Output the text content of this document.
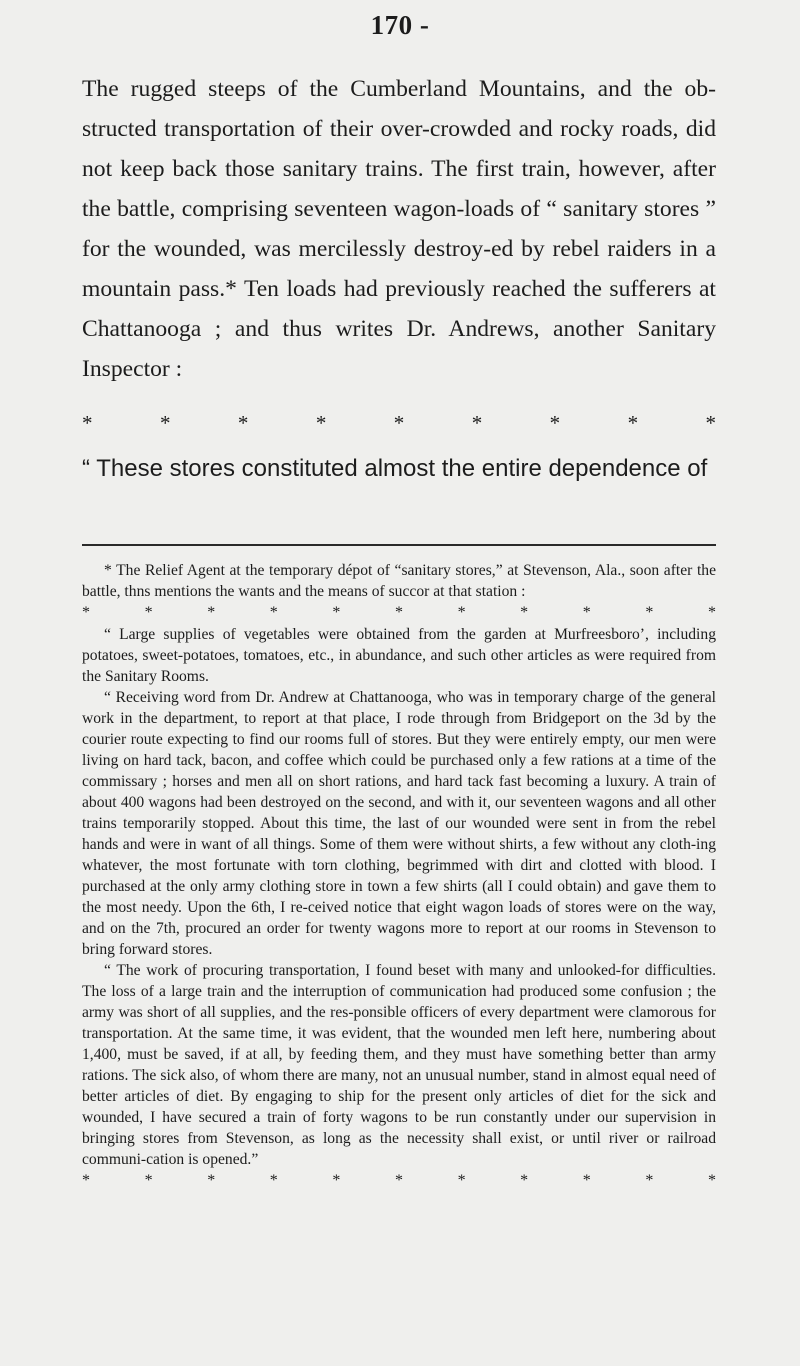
170 -

The rugged steeps of the Cumberland Mountains, and the ob-structed transportation of their over-crowded and rocky roads, did not keep back those sanitary trains. The first train, however, after the battle, comprising seventeen wagon-loads of “ sanitary stores ” for the wounded, was mercilessly destroy-ed by rebel raiders in a mountain pass.* Ten loads had previously reached the sufferers at Chattanooga ; and thus writes Dr. Andrews, another Sanitary Inspector :

*	*	*	*	*	*	*	*	*

“ These stores constituted almost the entire dependence of

* The Relief Agent at the temporary dépot of “sanitary stores,” at Stevenson, Ala., soon after the battle, thns mentions the wants and the means of succor at that station :

*	*	*	*	*	*	*	*	*	*	*

“ Large supplies of vegetables were obtained from the garden at Murfreesboro’, including potatoes, sweet-potatoes, tomatoes, etc., in abundance, and such other articles as were required from the Sanitary Rooms.

“ Receiving word from Dr. Andrew at Chattanooga, who was in temporary charge of the general work in the department, to report at that place, I rode through from Bridgeport on the 3d by the courier route expecting to find our rooms full of stores. But they were entirely empty, our men were living on hard tack, bacon, and coffee which could be purchased only a few rations at a time of the commissary ; horses and men all on short rations, and hard tack fast becoming a luxury. A train of about 400 wagons had been destroyed on the second, and with it, our seventeen wagons and all other trains temporarily stopped. About this time, the last of our wounded were sent in from the rebel hands and were in want of all things. Some of them were without shirts, a few without any cloth-ing whatever, the most fortunate with torn clothing, begrimmed with dirt and clotted with blood. I purchased at the only army clothing store in town a few shirts (all I could obtain) and gave them to the most needy. Upon the 6th, I re-ceived notice that eight wagon loads of stores were on the way, and on the 7th, procured an order for twenty wagons more to report at our rooms in Stevenson to bring forward stores.

“ The work of procuring transportation, I found beset with many and unlooked-for difficulties. The loss of a large train and the interruption of communication had produced some confusion ; the army was short of all supplies, and the res-ponsible officers of every department were clamorous for transportation. At the same time, it was evident, that the wounded men left here, numbering about 1,400, must be saved, if at all, by feeding them, and they must have something better than army rations. The sick also, of whom there are many, not an unusual number, stand in almost equal need of better articles of diet. By engaging to ship for the present only articles of diet for the sick and wounded, I have secured a train of forty wagons to be run constantly under our supervision in bringing stores from Stevenson, as long as the necessity shall exist, or until river or railroad communi-cation is opened.”

*	*	*	*	*	*	*	*	*	*	*
